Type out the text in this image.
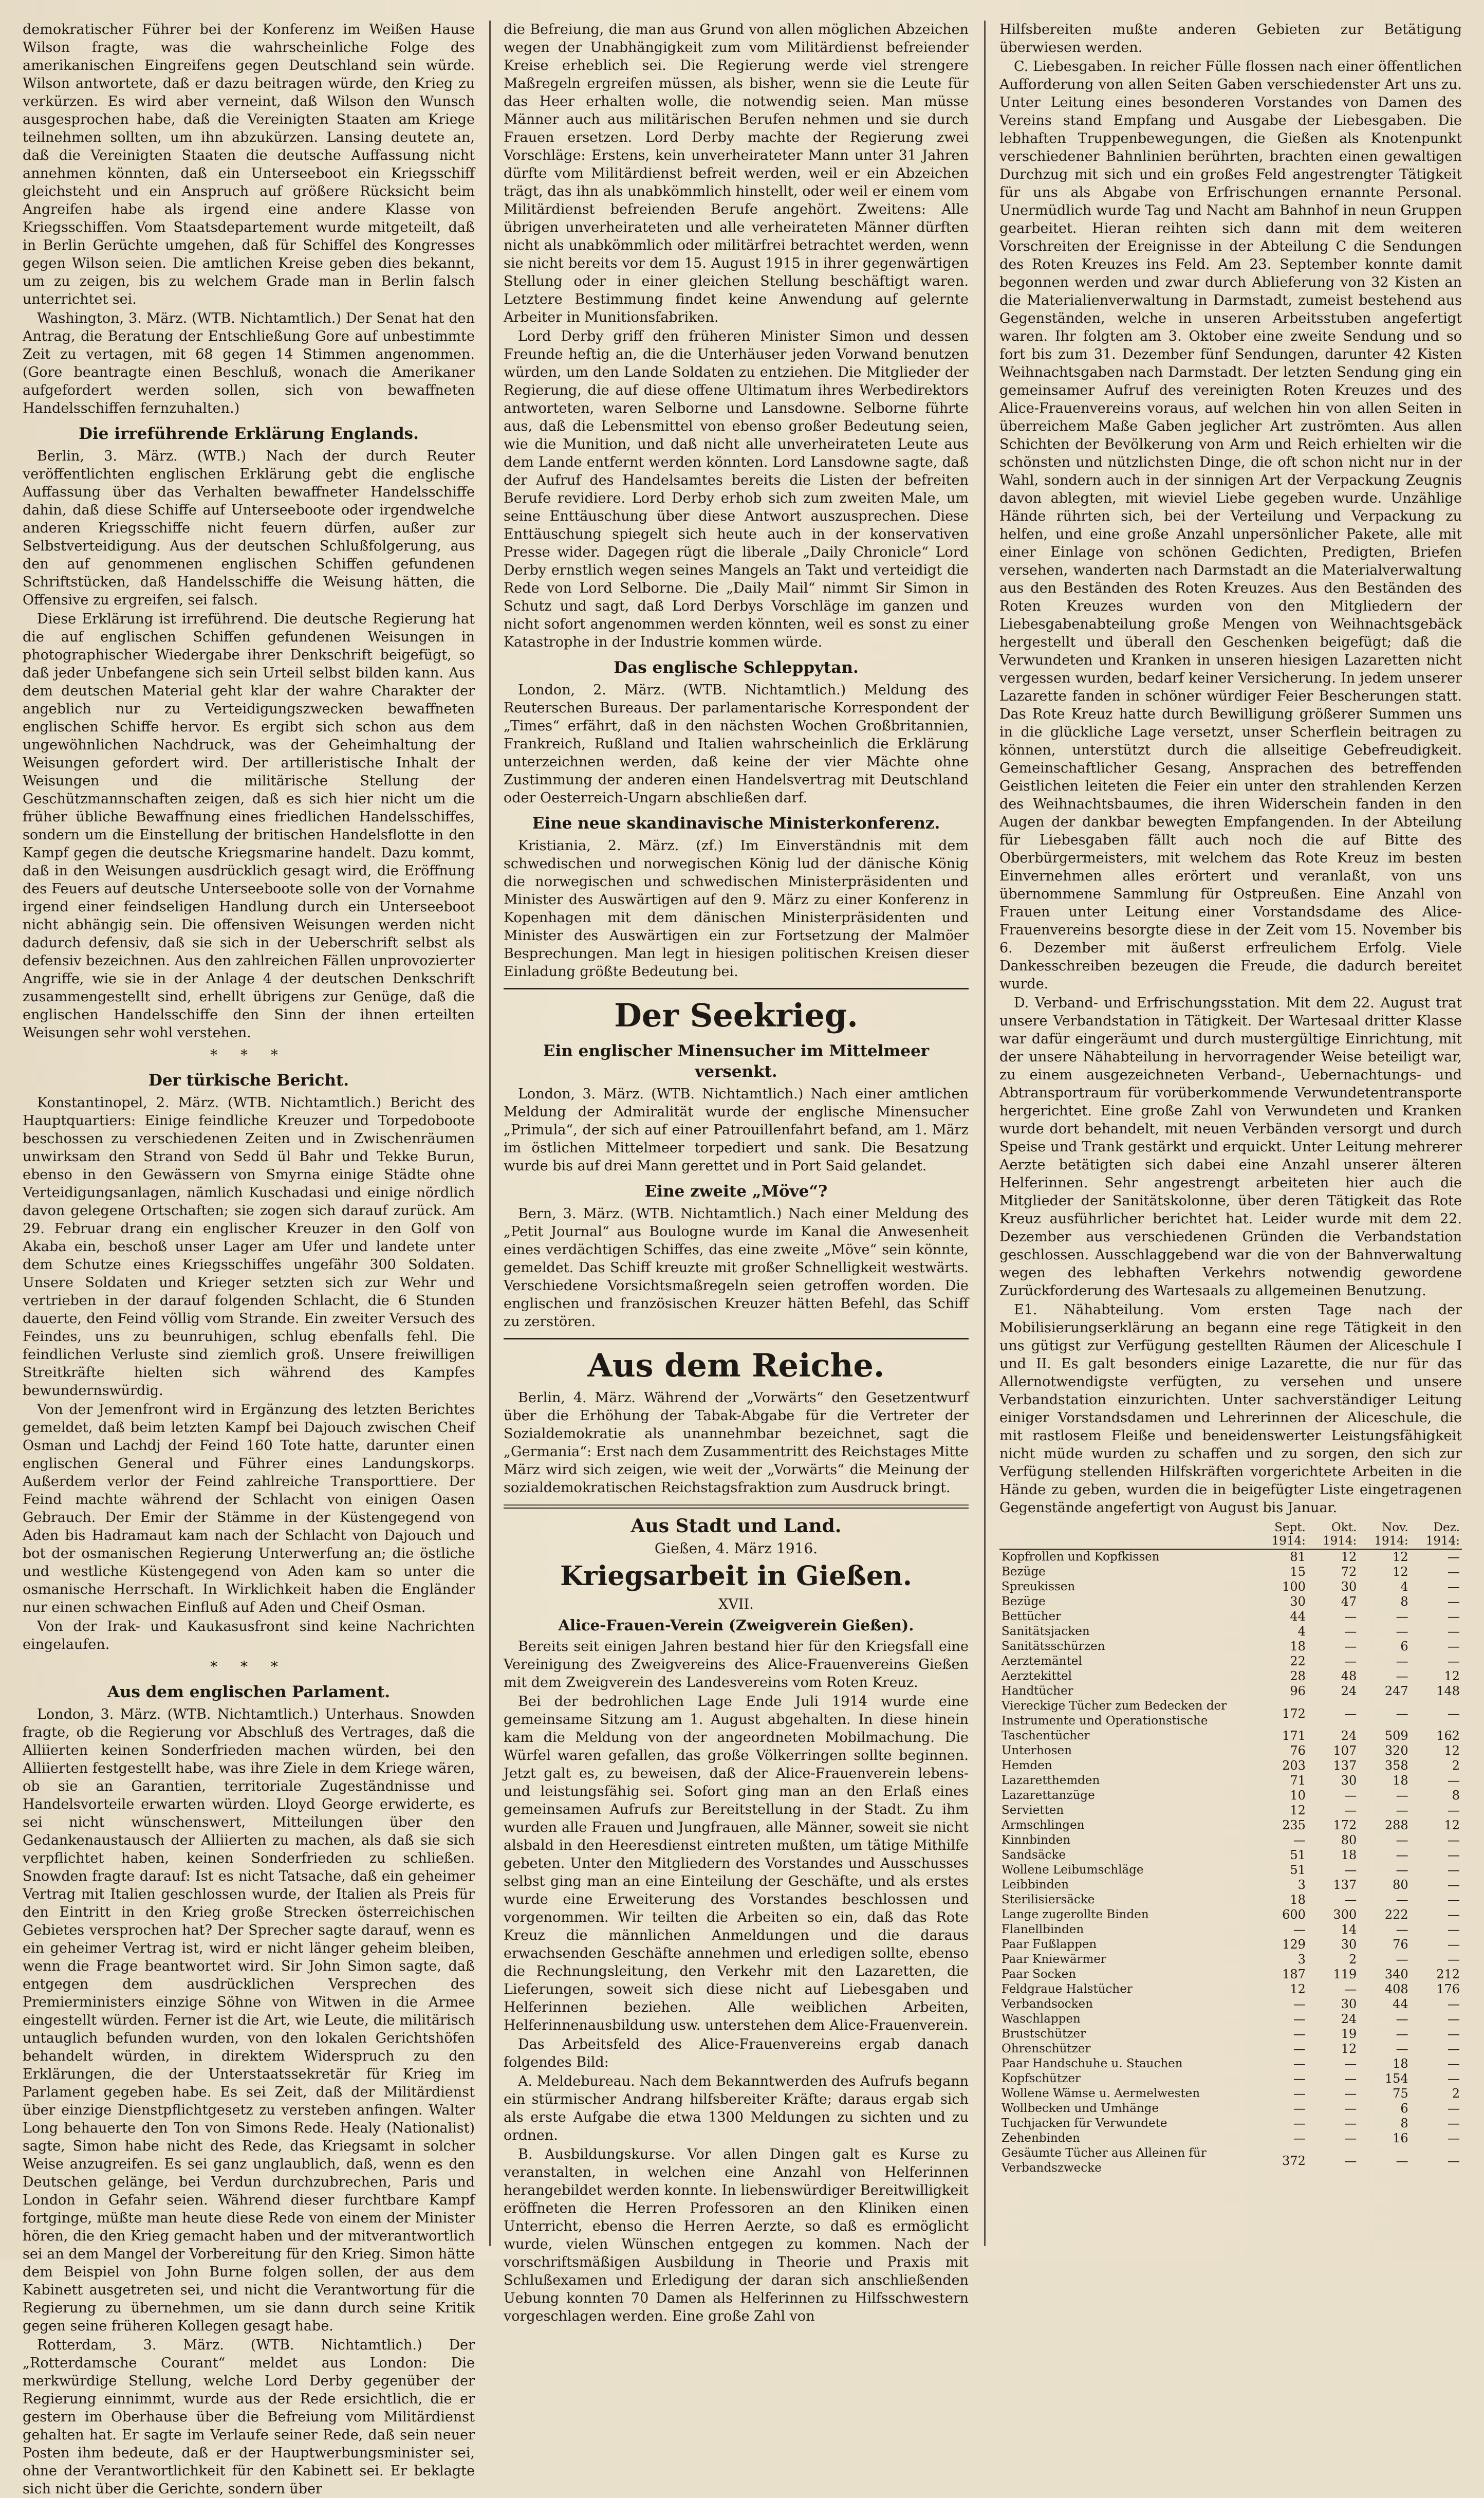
demokratischer Führer bei der Konferenz im Weißen Hause Wilson fragte, was die wahrscheinliche Folge des amerikanischen Eingreifens gegen Deutschland sein würde. Wilson antwortete, daß er dazu beitragen würde, den Krieg zu verkürzen. Es wird aber verneint, daß Wilson den Wunsch ausgesprochen habe, daß die Vereinigten Staaten am Kriege teilnehmen sollten, um ihn abzukürzen. Lansing deutete an, daß die Vereinigten Staaten die deutsche Auffassung nicht annehmen könnten, daß ein Unterseeboot ein Kriegsschiff gleichsteht und ein Anspruch auf größere Rücksicht beim Angreifen habe als irgend eine andere Klasse von Kriegsschiffen. Vom Staatsdepartement wurde mitgeteilt, daß in Berlin Gerüchte umgehen, daß für Schiffel des Kongresses gegen Wilson seien. Die amtlichen Kreise geben dies bekannt, um zu zeigen, bis zu welchem Grade man in Berlin falsch unterrichtet sei.

Washington, 3. März. (WTB. Nichtamtlich.) Der Senat hat den Antrag, die Beratung der Entschließung Gore auf unbestimmte Zeit zu vertagen, mit 68 gegen 14 Stimmen angenommen. (Gore beantragte einen Beschluß, wonach die Amerikaner aufgefordert werden sollen, sich von bewaffneten Handelsschiffen fernzuhalten.)

Die irreführende Erklärung Englands.

Berlin, 3. März. (WTB.) Nach der durch Reuter veröffentlichten englischen Erklärung gebt die englische Auffassung über das Verhalten bewaffneter Handelsschiffe dahin, daß diese Schiffe auf Unterseeboote oder irgendwelche anderen Kriegsschiffe nicht feuern dürfen, außer zur Selbstverteidigung. Aus der deutschen Schlußfolgerung, aus den auf genommenen englischen Schiffen gefundenen Schriftstücken, daß Handelsschiffe die Weisung hätten, die Offensive zu ergreifen, sei falsch.

Diese Erklärung ist irreführend. Die deutsche Regierung hat die auf englischen Schiffen gefundenen Weisungen in photographischer Wiedergabe ihrer Denkschrift beigefügt, so daß jeder Unbefangene sich sein Urteil selbst bilden kann. Aus dem deutschen Material geht klar der wahre Charakter der angeblich nur zu Verteidigungszwecken bewaffneten englischen Schiffe hervor. Es ergibt sich schon aus dem ungewöhnlichen Nachdruck, was der Geheimhaltung der Weisungen gefordert wird. Der artilleristische Inhalt der Weisungen und die militärische Stellung der Geschützmannschaften zeigen, daß es sich hier nicht um die früher übliche Bewaffnung eines friedlichen Handelsschiffes, sondern um die Einstellung der britischen Handelsflotte in den Kampf gegen die deutsche Kriegsmarine handelt. Dazu kommt, daß in den Weisungen ausdrücklich gesagt wird, die Eröffnung des Feuers auf deutsche Unterseeboote solle von der Vornahme irgend einer feindseligen Handlung durch ein Unterseeboot nicht abhängig sein. Die offensiven Weisungen werden nicht dadurch defensiv, daß sie sich in der Ueberschrift selbst als defensiv bezeichnen. Aus den zahlreichen Fällen unprovozierter Angriffe, wie sie in der Anlage 4 der deutschen Denkschrift zusammengestellt sind, erhellt übrigens zur Genüge, daß die englischen Handelsschiffe den Sinn der ihnen erteilten Weisungen sehr wohl verstehen.

* * *
Der türkische Bericht.

Konstantinopel, 2. März. (WTB. Nichtamtlich.) Bericht des Hauptquartiers: Einige feindliche Kreuzer und Torpedoboote beschossen zu verschiedenen Zeiten und in Zwischenräumen unwirksam den Strand von Sedd ül Bahr und Tekke Burun, ebenso in den Gewässern von Smyrna einige Städte ohne Verteidigungsanlagen, nämlich Kuschadasi und einige nördlich davon gelegene Ortschaften; sie zogen sich darauf zurück. Am 29. Februar drang ein englischer Kreuzer in den Golf von Akaba ein, beschoß unser Lager am Ufer und landete unter dem Schutze eines Kriegsschiffes ungefähr 300 Soldaten. Unsere Soldaten und Krieger setzten sich zur Wehr und vertrieben in der darauf folgenden Schlacht, die 6 Stunden dauerte, den Feind völlig vom Strande. Ein zweiter Versuch des Feindes, uns zu beunruhigen, schlug ebenfalls fehl. Die feindlichen Verluste sind ziemlich groß. Unsere freiwilligen Streitkräfte hielten sich während des Kampfes bewundernswürdig.

Von der Jemenfront wird in Ergänzung des letzten Berichtes gemeldet, daß beim letzten Kampf bei Dajouch zwischen Cheif Osman und Lachdj der Feind 160 Tote hatte, darunter einen englischen General und Führer eines Landungskorps. Außerdem verlor der Feind zahlreiche Transporttiere. Der Feind machte während der Schlacht von einigen Oasen Gebrauch. Der Emir der Stämme in der Küstengegend von Aden bis Hadramaut kam nach der Schlacht von Dajouch und bot der osmanischen Regierung Unterwerfung an; die östliche und westliche Küstengegend von Aden kam so unter die osmanische Herrschaft. In Wirklichkeit haben die Engländer nur einen schwachen Einfluß auf Aden und Cheif Osman.

Von der Irak- und Kaukasusfront sind keine Nachrichten eingelaufen.

* * *
Aus dem englischen Parlament.

London, 3. März. (WTB. Nichtamtlich.) Unterhaus. Snowden fragte, ob die Regierung vor Abschluß des Vertrages, daß die Alliierten keinen Sonderfrieden machen würden, bei den Alliierten festgestellt habe, was ihre Ziele in dem Kriege wären, ob sie an Garantien, territoriale Zugeständnisse und Handelsvorteile erwarten würden. Lloyd George erwiderte, es sei nicht wünschenswert, Mitteilungen über den Gedankenaustausch der Alliierten zu machen, als daß sie sich verpflichtet haben, keinen Sonderfrieden zu schließen. Snowden fragte darauf: Ist es nicht Tatsache, daß ein geheimer Vertrag mit Italien geschlossen wurde, der Italien als Preis für den Eintritt in den Krieg große Strecken österreichischen Gebietes versprochen hat? Der Sprecher sagte darauf, wenn es ein geheimer Vertrag ist, wird er nicht länger geheim bleiben, wenn die Frage beantwortet wird. Sir John Simon sagte, daß entgegen dem ausdrücklichen Versprechen des Premierministers einzige Söhne von Witwen in die Armee eingestellt würden. Ferner ist die Art, wie Leute, die militärisch untauglich befunden wurden, von den lokalen Gerichtshöfen behandelt würden, in direktem Widerspruch zu den Erklärungen, die der Unterstaatssekretär für Krieg im Parlament gegeben habe. Es sei Zeit, daß der Militärdienst über einzige Dienstpflichtgesetz zu versteben anfingen. Walter Long behauerte den Ton von Simons Rede. Healy (Nationalist) sagte, Simon habe nicht des Rede, das Kriegsamt in solcher Weise anzugreifen. Es sei ganz unglaublich, daß, wenn es den Deutschen gelänge, bei Verdun durchzubrechen, Paris und London in Gefahr seien. Während dieser furchtbare Kampf fortginge, müßte man heute diese Rede von einem der Minister hören, die den Krieg gemacht haben und der mitverantwortlich sei an dem Mangel der Vorbereitung für den Krieg. Simon hätte dem Beispiel von John Burne folgen sollen, der aus dem Kabinett ausgetreten sei, und nicht die Verantwortung für die Regierung zu übernehmen, um sie dann durch seine Kritik gegen seine früheren Kollegen gesagt habe.

Rotterdam, 3. März. (WTB. Nichtamtlich.) Der „Rotterdamsche Courant“ meldet aus London: Die merkwürdige Stellung, welche Lord Derby gegenüber der Regierung einnimmt, wurde aus der Rede ersichtlich, die er gestern im Oberhause über die Befreiung vom Militärdienst gehalten hat. Er sagte im Verlaufe seiner Rede, daß sein neuer Posten ihm bedeute, daß er der Hauptwerbungsminister sei, ohne der Verantwortlichkeit für den Kabinett sei. Er beklagte sich nicht über die Gerichte, sondern über

die Befreiung, die man aus Grund von allen möglichen Abzeichen wegen der Unabhängigkeit zum vom Militärdienst befreiender Kreise erheblich sei. Die Regierung werde viel strengere Maßregeln ergreifen müssen, als bisher, wenn sie die Leute für das Heer erhalten wolle, die notwendig seien. Man müsse Männer auch aus militärischen Berufen nehmen und sie durch Frauen ersetzen. Lord Derby machte der Regierung zwei Vorschläge: Erstens, kein unverheirateter Mann unter 31 Jahren dürfte vom Militärdienst befreit werden, weil er ein Abzeichen trägt, das ihn als unabkömmlich hinstellt, oder weil er einem vom Militärdienst befreienden Berufe angehört. Zweitens: Alle übrigen unverheirateten und alle verheirateten Männer dürften nicht als unabkömmlich oder militärfrei betrachtet werden, wenn sie nicht bereits vor dem 15. August 1915 in ihrer gegenwärtigen Stellung oder in einer gleichen Stellung beschäftigt waren. Letztere Bestimmung findet keine Anwendung auf gelernte Arbeiter in Munitionsfabriken.

Lord Derby griff den früheren Minister Simon und dessen Freunde heftig an, die die Unterhäuser jeden Vorwand benutzen würden, um den Lande Soldaten zu entziehen. Die Mitglieder der Regierung, die auf diese offene Ultimatum ihres Werbedirektors antworteten, waren Selborne und Lansdowne. Selborne führte aus, daß die Lebensmittel von ebenso großer Bedeutung seien, wie die Munition, und daß nicht alle unverheirateten Leute aus dem Lande entfernt werden könnten. Lord Lansdowne sagte, daß der Aufruf des Handelsamtes bereits die Listen der befreiten Berufe revidiere. Lord Derby erhob sich zum zweiten Male, um seine Enttäuschung über diese Antwort auszusprechen. Diese Enttäuschung spiegelt sich heute auch in der konservativen Presse wider. Dagegen rügt die liberale „Daily Chronicle“ Lord Derby ernstlich wegen seines Mangels an Takt und verteidigt die Rede von Lord Selborne. Die „Daily Mail“ nimmt Sir Simon in Schutz und sagt, daß Lord Derbys Vorschläge im ganzen und nicht sofort angenommen werden könnten, weil es sonst zu einer Katastrophe in der Industrie kommen würde.

Das englische Schleppytan.

London, 2. März. (WTB. Nichtamtlich.) Meldung des Reuterschen Bureaus. Der parlamentarische Korrespondent der „Times“ erfährt, daß in den nächsten Wochen Großbritannien, Frankreich, Rußland und Italien wahrscheinlich die Erklärung unterzeichnen werden, daß keine der vier Mächte ohne Zustimmung der anderen einen Handelsvertrag mit Deutschland oder Oesterreich-Ungarn abschließen darf.

Eine neue skandinavische Ministerkonferenz.

Kristiania, 2. März. (zf.) Im Einverständnis mit dem schwedischen und norwegischen König lud der dänische König die norwegischen und schwedischen Ministerpräsidenten und Minister des Auswärtigen auf den 9. März zu einer Konferenz in Kopenhagen mit dem dänischen Ministerpräsidenten und Minister des Auswärtigen ein zur Fortsetzung der Malmöer Besprechungen. Man legt in hiesigen politischen Kreisen dieser Einladung größte Bedeutung bei.

Der Seekrieg.
Ein englischer Minensucher im Mittelmeer versenkt.

London, 3. März. (WTB. Nichtamtlich.) Nach einer amtlichen Meldung der Admiralität wurde der englische Minensucher „Primula“, der sich auf einer Patrouillenfahrt befand, am 1. März im östlichen Mittelmeer torpediert und sank. Die Besatzung wurde bis auf drei Mann gerettet und in Port Said gelandet.

Eine zweite „Möve“?

Bern, 3. März. (WTB. Nichtamtlich.) Nach einer Meldung des „Petit Journal“ aus Boulogne wurde im Kanal die Anwesenheit eines verdächtigen Schiffes, das eine zweite „Möve“ sein könnte, gemeldet. Das Schiff kreuzte mit großer Schnelligkeit westwärts. Verschiedene Vorsichtsmaßregeln seien getroffen worden. Die englischen und französischen Kreuzer hätten Befehl, das Schiff zu zerstören.

Aus dem Reiche.

Berlin, 4. März. Während der „Vorwärts“ den Gesetzentwurf über die Erhöhung der Tabak-Abgabe für die Vertreter der Sozialdemokratie als unannehmbar bezeichnet, sagt die „Germania“: Erst nach dem Zusammentritt des Reichstages Mitte März wird sich zeigen, wie weit der „Vorwärts“ die Meinung der sozialdemokratischen Reichstagsfraktion zum Ausdruck bringt.

Aus Stadt und Land.
Gießen, 4. März 1916.
Kriegsarbeit in Gießen.
XVII.
Alice-Frauen-Verein (Zweigverein Gießen).

Bereits seit einigen Jahren bestand hier für den Kriegsfall eine Vereinigung des Zweigvereins des Alice-Frauenvereins Gießen mit dem Zweigverein des Landesvereins vom Roten Kreuz.

Bei der bedrohlichen Lage Ende Juli 1914 wurde eine gemeinsame Sitzung am 1. August abgehalten. In diese hinein kam die Meldung von der angeordneten Mobilmachung. Die Würfel waren gefallen, das große Völkerringen sollte beginnen. Jetzt galt es, zu beweisen, daß der Alice-Frauenverein lebens- und leistungsfähig sei. Sofort ging man an den Erlaß eines gemeinsamen Aufrufs zur Bereitstellung in der Stadt. Zu ihm wurden alle Frauen und Jungfrauen, alle Männer, soweit sie nicht alsbald in den Heeresdienst eintreten mußten, um tätige Mithilfe gebeten. Unter den Mitgliedern des Vorstandes und Ausschusses selbst ging man an eine Einteilung der Geschäfte, und als erstes wurde eine Erweiterung des Vorstandes beschlossen und vorgenommen. Wir teilten die Arbeiten so ein, daß das Rote Kreuz die männlichen Anmeldungen und die daraus erwachsenden Geschäfte annehmen und erledigen sollte, ebenso die Rechnungsleitung, den Verkehr mit den Lazaretten, die Lieferungen, soweit sich diese nicht auf Liebesgaben und Helferinnen beziehen. Alle weiblichen Arbeiten, Helferinnenausbildung usw. unterstehen dem Alice-Frauenverein.

Das Arbeitsfeld des Alice-Frauenvereins ergab danach folgendes Bild:

A. Meldebureau. Nach dem Bekanntwerden des Aufrufs begann ein stürmischer Andrang hilfsbereiter Kräfte; daraus ergab sich als erste Aufgabe die etwa 1300 Meldungen zu sichten und zu ordnen.

B. Ausbildungskurse. Vor allen Dingen galt es Kurse zu veranstalten, in welchen eine Anzahl von Helferinnen herangebildet werden konnte. In liebenswürdiger Bereitwilligkeit eröffneten die Herren Professoren an den Kliniken einen Unterricht, ebenso die Herren Aerzte, so daß es ermöglicht wurde, vielen Wünschen entgegen zu kommen. Nach der vorschriftsmäßigen Ausbildung in Theorie und Praxis mit Schlußexamen und Erledigung der daran sich anschließenden Uebung konnten 70 Damen als Helferinnen zu Hilfsschwestern vorgeschlagen werden. Eine große Zahl von

Hilfsbereiten mußte anderen Gebieten zur Betätigung überwiesen werden.

C. Liebesgaben. In reicher Fülle flossen nach einer öffentlichen Aufforderung von allen Seiten Gaben verschiedenster Art uns zu. Unter Leitung eines besonderen Vorstandes von Damen des Vereins stand Empfang und Ausgabe der Liebesgaben. Die lebhaften Truppenbewegungen, die Gießen als Knotenpunkt verschiedener Bahnlinien berührten, brachten einen gewaltigen Durchzug mit sich und ein großes Feld angestrengter Tätigkeit für uns als Abgabe von Erfrischungen ernannte Personal. Unermüdlich wurde Tag und Nacht am Bahnhof in neun Gruppen gearbeitet. Hieran reihten sich dann mit dem weiteren Vorschreiten der Ereignisse in der Abteilung C die Sendungen des Roten Kreuzes ins Feld. Am 23. September konnte damit begonnen werden und zwar durch Ablieferung von 32 Kisten an die Materialienverwaltung in Darmstadt, zumeist bestehend aus Gegenständen, welche in unseren Arbeitsstuben angefertigt waren. Ihr folgten am 3. Oktober eine zweite Sendung und so fort bis zum 31. Dezember fünf Sendungen, darunter 42 Kisten Weihnachtsgaben nach Darmstadt. Der letzten Sendung ging ein gemeinsamer Aufruf des vereinigten Roten Kreuzes und des Alice-Frauenvereins voraus, auf welchen hin von allen Seiten in überreichem Maße Gaben jeglicher Art zuströmten. Aus allen Schichten der Bevölkerung von Arm und Reich erhielten wir die schönsten und nützlichsten Dinge, die oft schon nicht nur in der Wahl, sondern auch in der sinnigen Art der Verpackung Zeugnis davon ablegten, mit wieviel Liebe gegeben wurde. Unzählige Hände rührten sich, bei der Verteilung und Verpackung zu helfen, und eine große Anzahl unpersönlicher Pakete, alle mit einer Einlage von schönen Gedichten, Predigten, Briefen versehen, wanderten nach Darmstadt an die Materialverwaltung aus den Beständen des Roten Kreuzes. Aus den Beständen des Roten Kreuzes wurden von den Mitgliedern der Liebesgabenabteilung große Mengen von Weihnachtsgebäck hergestellt und überall den Geschenken beigefügt; daß die Verwundeten und Kranken in unseren hiesigen Lazaretten nicht vergessen wurden, bedarf keiner Versicherung. In jedem unserer Lazarette fanden in schöner würdiger Feier Bescherungen statt. Das Rote Kreuz hatte durch Bewilligung größerer Summen uns in die glückliche Lage versetzt, unser Scherflein beitragen zu können, unterstützt durch die allseitige Gebefreudigkeit. Gemeinschaftlicher Gesang, Ansprachen des betreffenden Geistlichen leiteten die Feier ein unter den strahlenden Kerzen des Weihnachtsbaumes, die ihren Widerschein fanden in den Augen der dankbar bewegten Empfangenden. In der Abteilung für Liebesgaben fällt auch noch die auf Bitte des Oberbürgermeisters, mit welchem das Rote Kreuz im besten Einvernehmen alles erörtert und veranlaßt, von uns übernommene Sammlung für Ostpreußen. Eine Anzahl von Frauen unter Leitung einer Vorstandsdame des Alice-Frauenvereins besorgte diese in der Zeit vom 15. November bis 6. Dezember mit äußerst erfreulichem Erfolg. Viele Dankesschreiben bezeugen die Freude, die dadurch bereitet wurde.

D. Verband- und Erfrischungsstation. Mit dem 22. August trat unsere Verbandstation in Tätigkeit. Der Wartesaal dritter Klasse war dafür eingeräumt und durch mustergültige Einrichtung, mit der unsere Nähabteilung in hervorragender Weise beteiligt war, zu einem ausgezeichneten Verband-, Uebernachtungs- und Abtransportraum für vorüberkommende Verwundetentransporte hergerichtet. Eine große Zahl von Verwundeten und Kranken wurde dort behandelt, mit neuen Verbänden versorgt und durch Speise und Trank gestärkt und erquickt. Unter Leitung mehrerer Aerzte betätigten sich dabei eine Anzahl unserer älteren Helferinnen. Sehr angestrengt arbeiteten hier auch die Mitglieder der Sanitätskolonne, über deren Tätigkeit das Rote Kreuz ausführlicher berichtet hat. Leider wurde mit dem 22. Dezember aus verschiedenen Gründen die Verbandstation geschlossen. Ausschlaggebend war die von der Bahnverwaltung wegen des lebhaften Verkehrs notwendig gewordene Zurückforderung des Wartesaals zu allgemeinen Benutzung.

E1. Nähabteilung. Vom ersten Tage nach der Mobilisierungserklärung an begann eine rege Tätigkeit in den uns gütigst zur Verfügung gestellten Räumen der Aliceschule I und II. Es galt besonders einige Lazarette, die nur für das Allernotwendigste verfügten, zu versehen und unsere Verbandstation einzurichten. Unter sachverständiger Leitung einiger Vorstandsdamen und Lehrerinnen der Aliceschule, die mit rastlosem Fleiße und beneidenswerter Leistungsfähigkeit nicht müde wurden zu schaffen und zu sorgen, den sich zur Verfügung stellenden Hilfskräften vorgerichtete Arbeiten in die Hände zu geben, wurden die in beigefügter Liste eingetragenen Gegenstände angefertigt von August bis Januar.

	Sept. 1914:	Okt. 1914:	Nov. 1914:	Dez. 1914:
Kopfrollen und Kopfkissen	81	12	12	—
Bezüge	15	72	12	—
Spreukissen	100	30	4	—
Bezüge	30	47	8	—
Bettücher	44	—	—	—
Sanitätsjacken	4	—	—	—
Sanitätsschürzen	18	—	6	—
Aerztemäntel	22	—	—	—
Aerztekittel	28	48	—	12
Handtücher	96	24	247	148
Viereckige Tücher zum Bedecken der Instrumente und Operationstische	172	—	—	—
Taschentücher	171	24	509	162
Unterhosen	76	107	320	12
Hemden	203	137	358	2
Lazaretthemden	71	30	18	—
Lazarettanzüge	10	—	—	8
Servietten	12	—	—	—
Armschlingen	235	172	288	12
Kinnbinden	—	80	—	—
Sandsäcke	51	18	—	—
Wollene Leibumschläge	51	—	—	—
Leibbinden	3	137	80	—
Sterilisiersäcke	18	—	—	—
Lange zugerollte Binden	600	300	222	—
Flanellbinden	—	14	—	—
Paar Fußlappen	129	30	76	—
Paar Kniewärmer	3	2	—	—
Paar Socken	187	119	340	212
Feldgraue Halstücher	12	—	408	176
Verbandsocken	—	30	44	—
Waschlappen	—	24	—	—
Brustschützer	—	19	—	—
Ohrenschützer	—	12	—	—
Paar Handschuhe u. Stauchen	—	—	18	—
Kopfschützer	—	—	154	—
Wollene Wämse u. Aermelwesten	—	—	75	2
Wollbecken und Umhänge	—	—	6	—
Tuchjacken für Verwundete	—	—	8	—
Zehenbinden	—	—	16	—
Gesäumte Tücher aus Alleinen für Verbandszwecke	372	—	—	—
